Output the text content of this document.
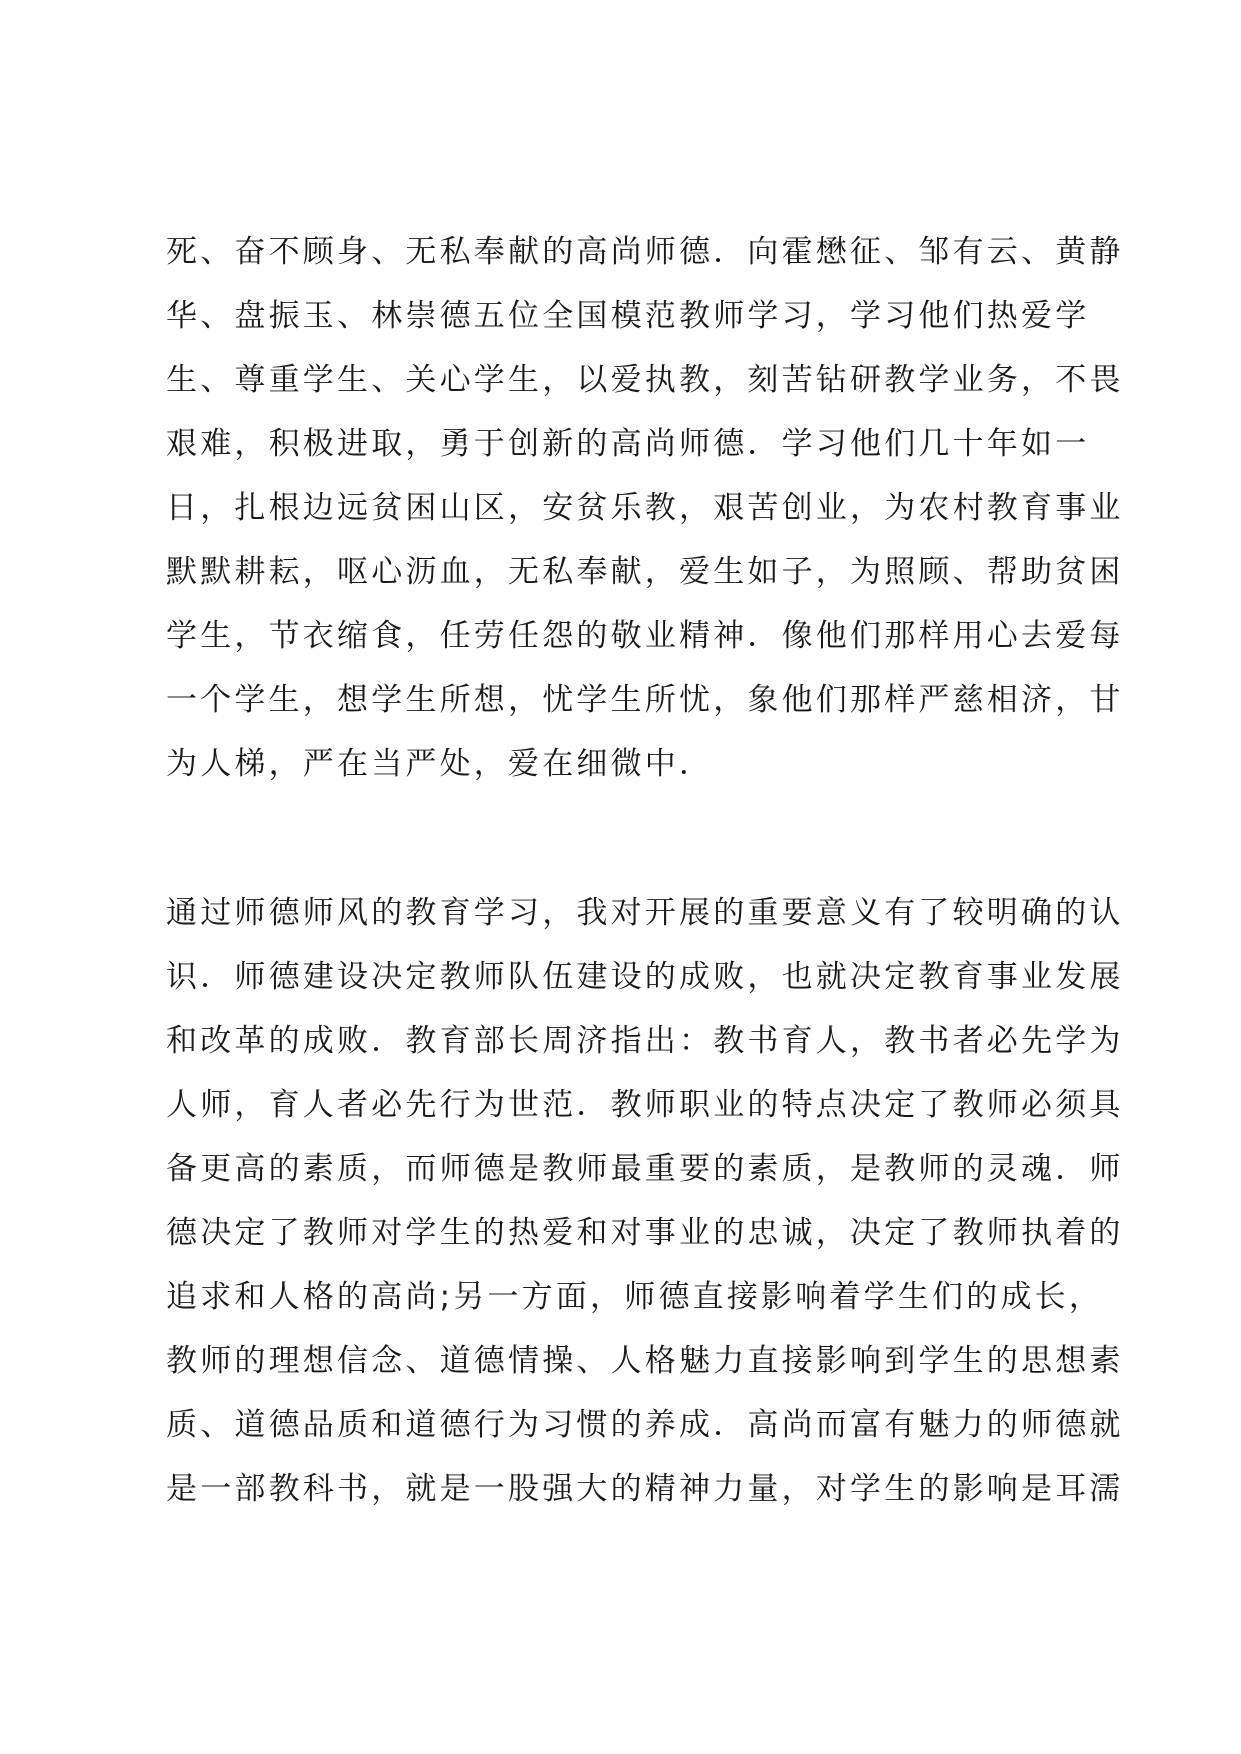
死、奋不顾身、无私奉献的高尚师德．向霍懋征、邹有云、黄静
华、盘振玉、林崇德五位全国模范教师学习，学习他们热爱学
生、尊重学生、关心学生，以爱执教，刻苦钻研教学业务，不畏
艰难，积极进取，勇于创新的高尚师德．学习他们几十年如一
日，扎根边远贫困山区，安贫乐教，艰苦创业，为农村教育事业
默默耕耘，呕心沥血，无私奉献，爱生如子，为照顾、帮助贫困
学生，节衣缩食，任劳任怨的敬业精神．像他们那样用心去爱每
一个学生，想学生所想，忧学生所忧，象他们那样严慈相济，甘
为人梯，严在当严处，爱在细微中．
通过师德师风的教育学习，我对开展的重要意义有了较明确的认
识．师德建设决定教师队伍建设的成败，也就决定教育事业发展
和改革的成败．教育部长周济指出：教书育人，教书者必先学为
人师，育人者必先行为世范．教师职业的特点决定了教师必须具
备更高的素质，而师德是教师最重要的素质，是教师的灵魂．师
德决定了教师对学生的热爱和对事业的忠诚，决定了教师执着的
追求和人格的高尚;另一方面，师德直接影响着学生们的成长，
教师的理想信念、道德情操、人格魅力直接影响到学生的思想素
质、道德品质和道德行为习惯的养成．高尚而富有魅力的师德就
是一部教科书，就是一股强大的精神力量，对学生的影响是耳濡
